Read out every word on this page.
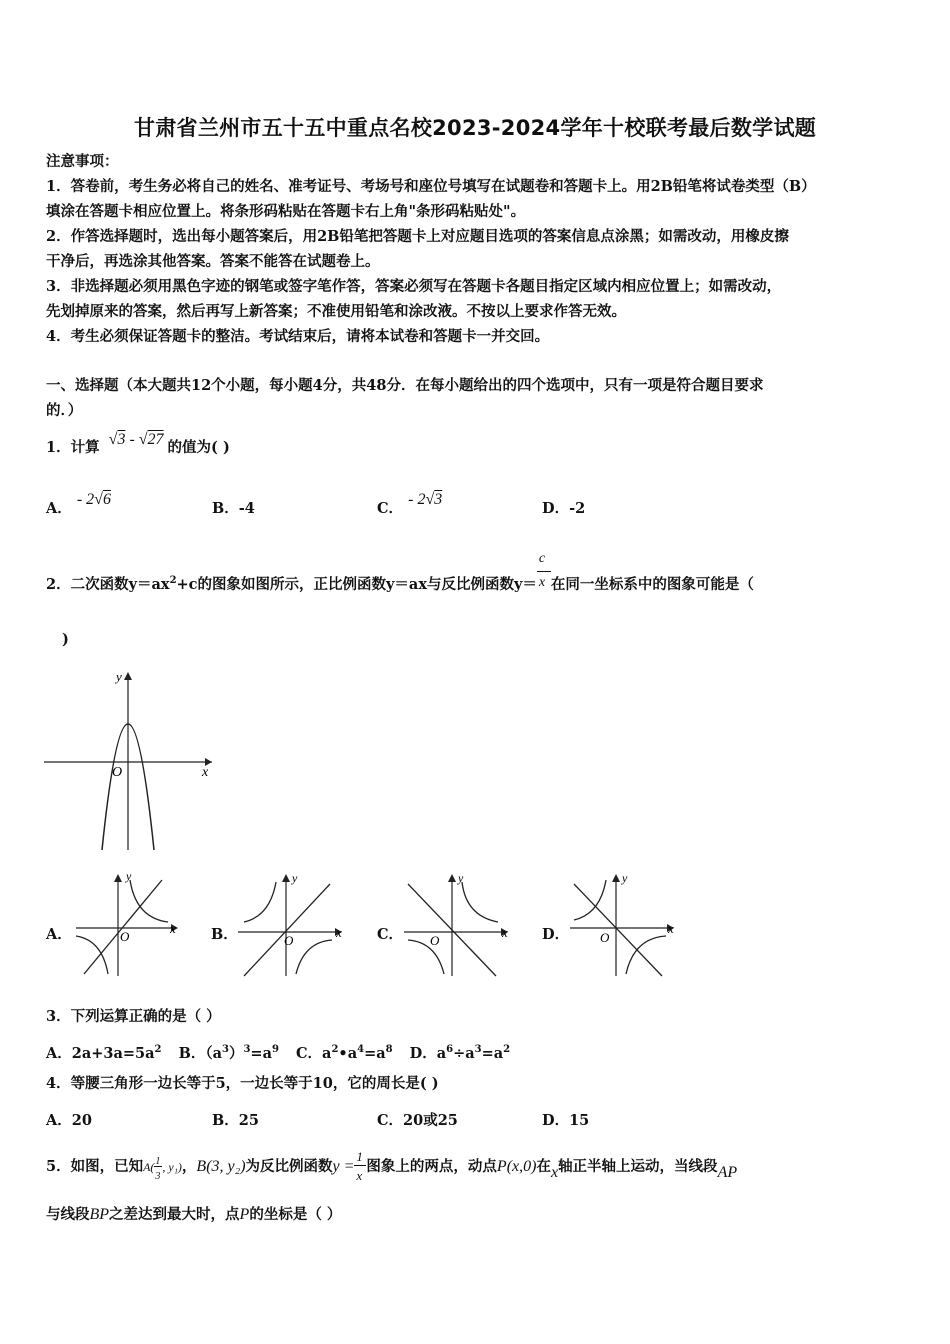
甘肃省兰州市五十五中重点名校2023-2024学年十校联考最后数学试题
注意事项：
1．答卷前，考生务必将自己的姓名、准考证号、考场号和座位号填写在试题卷和答题卡上。用2B铅笔将试卷类型（B）
填涂在答题卡相应位置上。将条形码粘贴在答题卡右上角"条形码粘贴处"。
2．作答选择题时，选出每小题答案后，用2B铅笔把答题卡上对应题目选项的答案信息点涂黑；如需改动，用橡皮擦
干净后，再选涂其他答案。答案不能答在试题卷上。
3．非选择题必须用黑色字迹的钢笔或签字笔作答，答案必须写在答题卡各题目指定区域内相应位置上；如需改动，
先划掉原来的答案，然后再写上新答案；不准使用铅笔和涂改液。不按以上要求作答无效。
4．考生必须保证答题卡的整洁。考试结束后，请将本试卷和答题卡一并交回。
一、选择题（本大题共12个小题，每小题4分，共48分．在每小题给出的四个选项中，只有一项是符合题目要求
的．）
1．计算 √3 - √27 的值为( )
A． - 2√6
B．-4	C． - 2√3
D．-2
2．二次函数$y=ax^2+c$的图象如图所示，正比例函数y＝ax与反比例函数$y= \frac{c}{x}$ 在同一坐标系中的图象可能是（
)
y
x
O
A．
y
x
O	B．
y
x
O	C．
y
x
O	D．
y
x
O
3．下列运算正确的是（ ）
A．$2a+3a=5a^2$ B．$(a^3)^3=a^9$ C．$a^2•a^4=a^8$ D．$a^6\div a^3=a^2$
4．等腰三角形一边长等于5，一边长等于10，它的周长是( )
A．20	B．25	C．20或25	D．15
5．如图，已知$A( \frac{1}{3}$ , y₁)，B(3, y₂)为反比例函数$y = \frac{1}{x}$ 图象上的两点，动点P(x,0)在x轴正半轴上运动，当线段AP
与线段BP之差达到最大时，点P的坐标是（ ）
